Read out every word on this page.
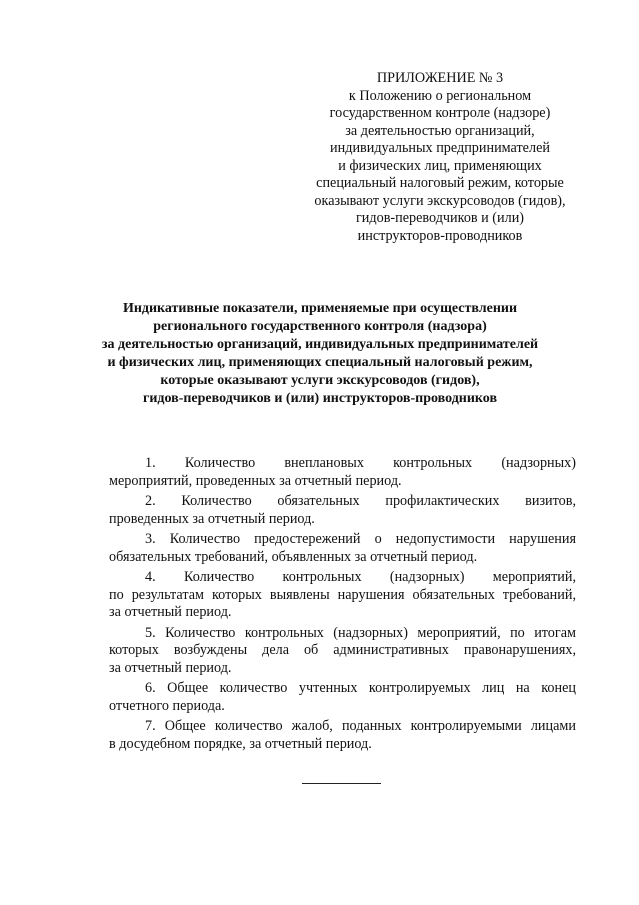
ПРИЛОЖЕНИЕ № 3
к Положению о региональном
государственном контроле (надзоре)
за деятельностью организаций,
индивидуальных предпринимателей
и физических лиц, применяющих
специальный налоговый режим, которые
оказывают услуги экскурсоводов (гидов),
гидов-переводчиков и (или)
инструкторов-проводников
Индикативные показатели, применяемые при осуществлении
регионального государственного контроля (надзора)
за деятельностью организаций, индивидуальных предпринимателей
и физических лиц, применяющих специальный налоговый режим,
которые оказывают услуги экскурсоводов (гидов),
гидов-переводчиков и (или) инструкторов-проводников
1. Количество внеплановых контрольных (надзорных)
мероприятий, проведенных за отчетный период.
2. Количество обязательных профилактических визитов,
проведенных за отчетный период.
3. Количество предостережений о недопустимости нарушения
обязательных требований, объявленных за отчетный период.
4. Количество контрольных (надзорных) мероприятий,
по результатам которых выявлены нарушения обязательных требований,
за отчетный период.
5. Количество контрольных (надзорных) мероприятий, по итогам
которых возбуждены дела об административных правонарушениях,
за отчетный период.
6. Общее количество учтенных контролируемых лиц на конец
отчетного периода.
7. Общее количество жалоб, поданных контролируемыми лицами
в досудебном порядке, за отчетный период.
